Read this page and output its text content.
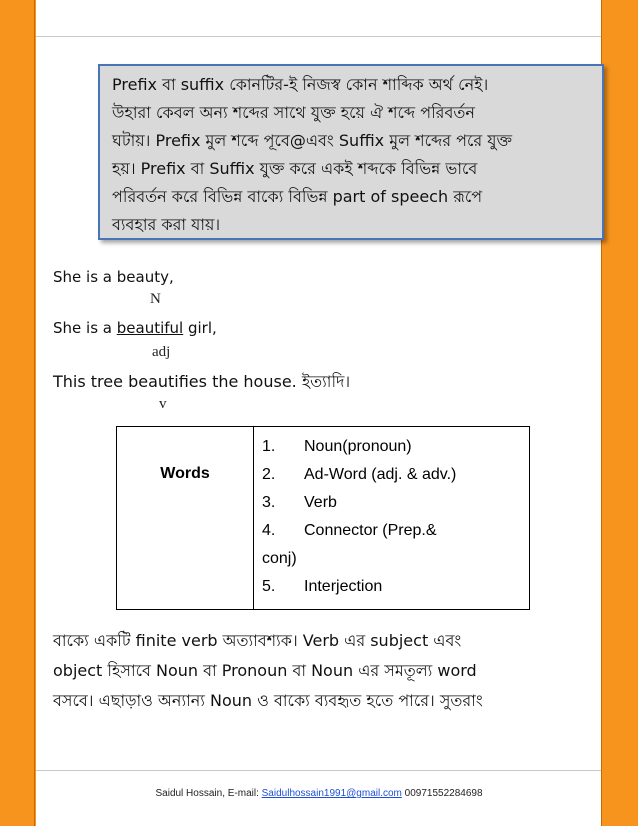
Prefix বা suffix কোনটির-ই নিজস্ব কোন শাব্দিক অর্থ নেই।

উহারা কেবল অন্য শব্দের সাথে যুক্ত হয়ে ঐ শব্দে পরিবর্তন

ঘটায়। Prefix মুল শব্দে পূবে@এবং Suffix মুল শব্দের পরে যুক্ত

হয়। Prefix বা Suffix যুক্ত করে একই শব্দকে বিভিন্ন ভাবে

পরিবর্তন করে বিভিন্ন বাক্যে বিভিন্ন part of speech রূপে

ব্যবহার করা যায়।

She is a beauty,
N
She is a beautiful girl,
adj
This tree beautifies the house. ইত্যাদি।
v
Words
1.	Noun(pronoun)
2.	Ad-Word (adj. & adv.)
3.	Verb
4.	Connector (Prep.&
conj)
5.	Interjection

বাক্যে একটি finite verb অত্যাবশ্যক। Verb এর subject এবং

object হিসাবে Noun বা Pronoun বা Noun এর সমতূল্য word

বসবে। এছাড়াও অন্যান্য Noun ও বাক্যে ব্যবহৃত হতে পারে। সুতরাং

Saidul Hossain, E-mail: Saidulhossain1991@gmail.com 00971552284698
